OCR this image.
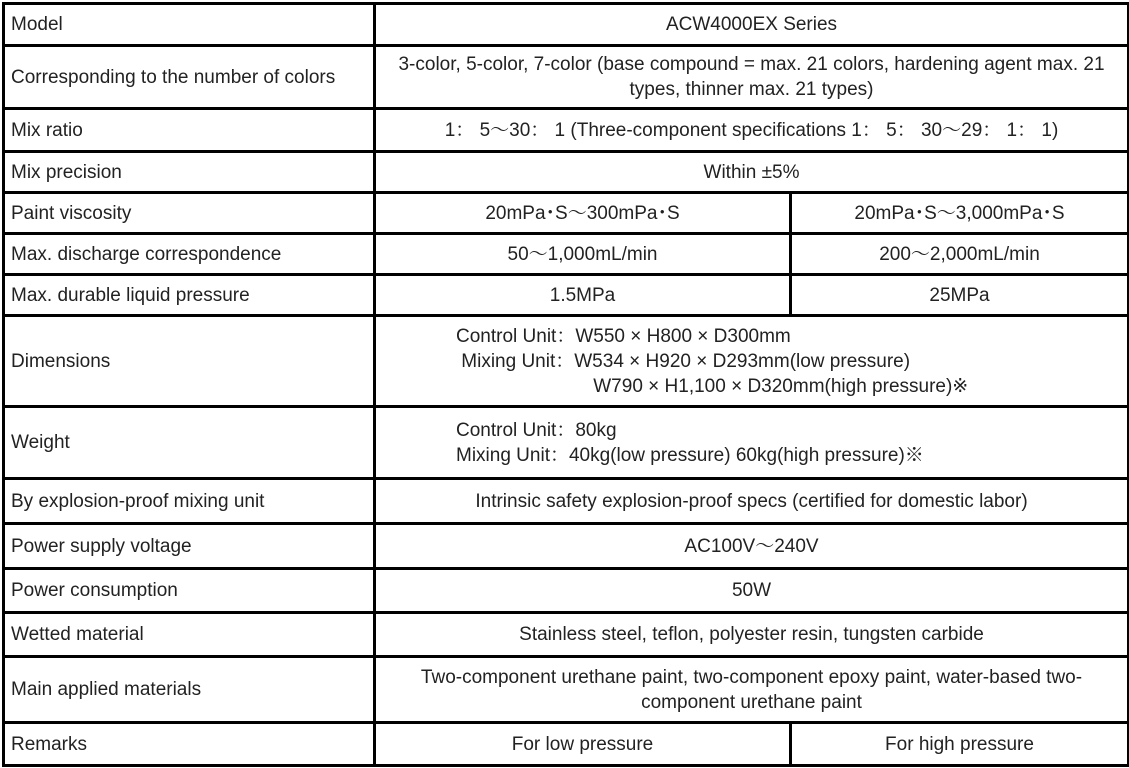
Model	ACW4000EX Series	
Corresponding to the number of colors	3-color, 5-color, 7-color (base compound = max. 21 colors, hardening agent max. 21 types, thinner max. 21 types)	
Mix ratio	1： 5～30： 1 (Three-component specifications 1： 5： 30～29： 1： 1)	
Mix precision	Within ±5%	
Paint viscosity	20mPa･S～300mPa･S	20mPa･S～3,000mPa･S
Max. discharge correspondence	50～1,000mL/min	200～2,000mL/min
Max. durable liquid pressure	1.5MPa	25MPa
Dimensions	Control Unit：W550 × H800 × D300mm
Mixing Unit：W534 × H920 × D293mm(low pressure)
W790 × H1,100 × D320mm(high pressure)※	

Weight	Control Unit：80kg
Mixing Unit：40kg(low pressure) 60kg(high pressure)※	

By explosion-proof mixing unit	Intrinsic safety explosion-proof specs (certified for domestic labor)	
Power supply voltage	AC100V～240V	
Power consumption	50W	
Wetted material	Stainless steel, teflon, polyester resin, tungsten carbide	
Main applied materials	Two-component urethane paint, two-component epoxy paint, water-based two-component urethane paint	
Remarks	For low pressure	For high pressure
